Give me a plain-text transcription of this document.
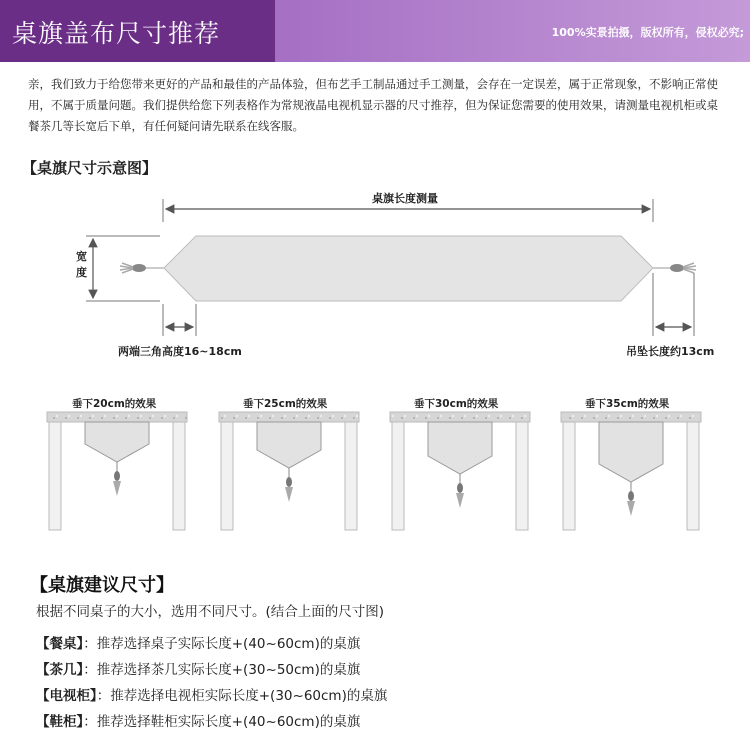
桌旗盖布尺寸推荐	100%实景拍摄，版权所有，侵权必究;
亲，我们致力于给您带来更好的产品和最佳的产品体验，但布艺手工制品通过手工测量，会存在一定误差，属于正常现象，不影响正常使用，不属于质量问题。我们提供给您下列表格作为常规液晶电视机显示器的尺寸推荐，但为保证您需要的使用效果，请测量电视机柜或桌餐茶几等长宽后下单，有任何疑问请先联系在线客服。
【桌旗尺寸示意图】
桌旗长度测量
宽
度
两端三角高度16~18cm	吊坠长度约13cm
垂下20cm的效果	垂下25cm的效果	垂下30cm的效果	垂下35cm的效果
【桌旗建议尺寸】
根据不同桌子的大小，选用不同尺寸。(结合上面的尺寸图)
【餐桌】：推荐选择桌子实际长度+(40~60cm)的桌旗
【茶几】：推荐选择茶几实际长度+(30~50cm)的桌旗
【电视柜】：推荐选择电视柜实际长度+(30~60cm)的桌旗
【鞋柜】：推荐选择鞋柜实际长度+(40~60cm)的桌旗
